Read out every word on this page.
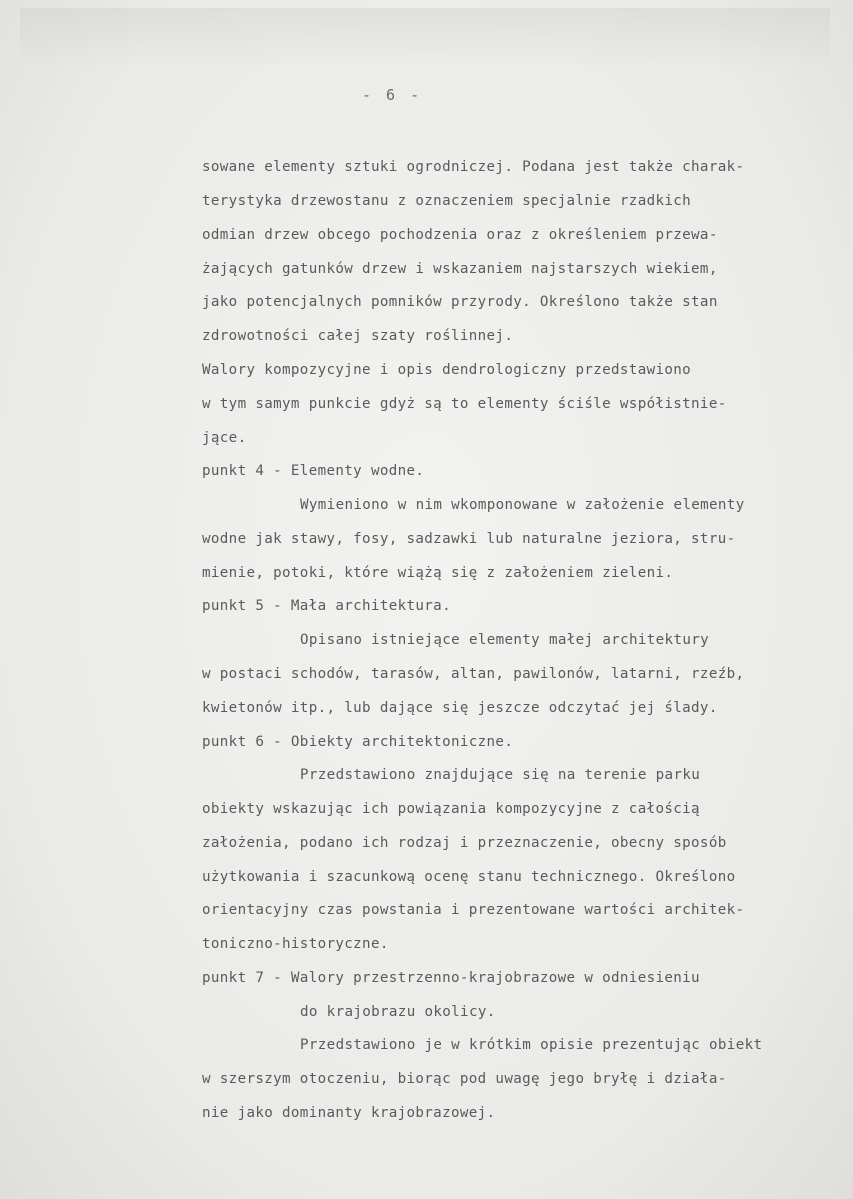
- 6 -
sowane elementy sztuki ogrodniczej. Podana jest także charak-
terystyka drzewostanu z oznaczeniem specjalnie rzadkich
odmian drzew obcego pochodzenia oraz z określeniem przewa-
żających gatunków drzew i wskazaniem najstarszych wiekiem,
jako potencjalnych pomników przyrody. Określono także stan
zdrowotności całej szaty roślinnej.
Walory kompozycyjne i opis dendrologiczny przedstawiono
w tym samym punkcie gdyż są to elementy ściśle współistnie-
jące.
punkt 4 - Elementy wodne.
Wymieniono w nim wkomponowane w założenie elementy
wodne jak stawy, fosy, sadzawki lub naturalne jeziora, stru-
mienie, potoki, które wiążą się z założeniem zieleni.
punkt 5 - Mała architektura.
Opisano istniejące elementy małej architektury
w postaci schodów, tarasów, altan, pawilonów, latarni, rzeźb,
kwietonów itp., lub dające się jeszcze odczytać jej ślady.
punkt 6 - Obiekty architektoniczne.
Przedstawiono znajdujące się na terenie parku
obiekty wskazując ich powiązania kompozycyjne z całością
założenia, podano ich rodzaj i przeznaczenie, obecny sposób
użytkowania i szacunkową ocenę stanu technicznego. Określono
orientacyjny czas powstania i prezentowane wartości architek-
toniczno-historyczne.
punkt 7 - Walory przestrzenno-krajobrazowe w odniesieniu
do krajobrazu okolicy.
Przedstawiono je w krótkim opisie prezentując obiekt
w szerszym otoczeniu, biorąc pod uwagę jego bryłę i działa-
nie jako dominanty krajobrazowej.
